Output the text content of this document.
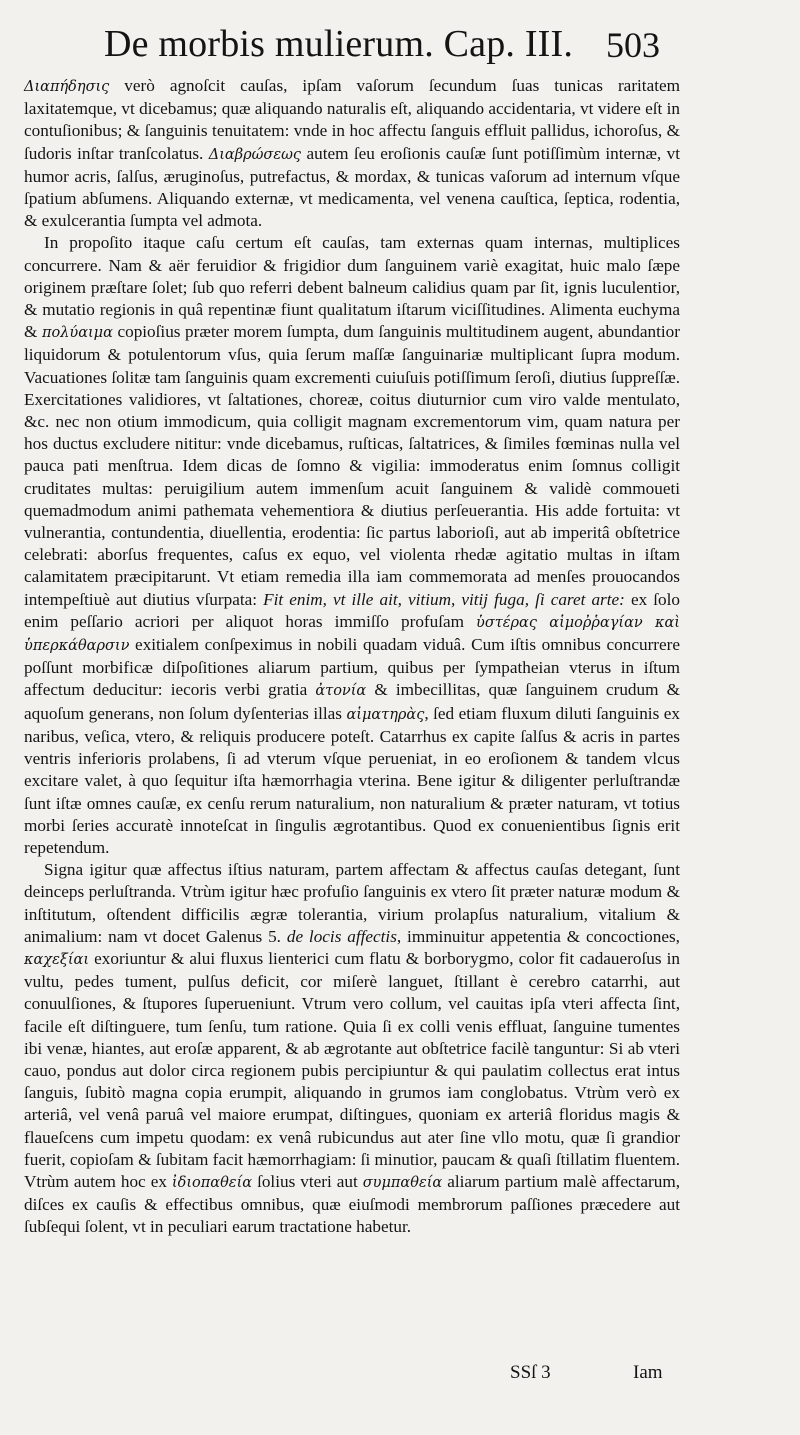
De morbis mulierum. Cap. III. 503

Διαπήδησις verò agnoſcit cauſas, ipſam vaſorum ſecundum ſuas tunicas raritatem laxitatemque, vt dicebamus; quæ aliquando naturalis eſt, aliquando accidentaria, vt videre eſt in contuſionibus; & ſanguinis tenuitatem: vnde in hoc affectu ſanguis effluit pallidus, ichoroſus, & ſudoris inſtar tranſcolatus. Διαβρώσεως autem ſeu eroſionis cauſæ ſunt potiſſimùm internæ, vt humor acris, ſalſus, æruginoſus, putrefactus, & mordax, & tunicas vaſorum ad internum vſque ſpatium abſumens. Aliquando externæ, vt medicamenta, vel venena cauſtica, ſeptica, rodentia, & exulcerantia ſumpta vel admota.

In propoſito itaque caſu certum eſt cauſas, tam externas quam internas, multiplices concurrere. Nam & aër feruidior & frigidior dum ſanguinem variè exagitat, huic malo ſæpe originem præſtare ſolet; ſub quo referri debent balneum calidius quam par ſit, ignis luculentior, & mutatio regionis in quâ repentinæ fiunt qualitatum iſtarum viciſſitudines. Alimenta euchyma & πολύαιμα copioſius præter morem ſumpta, dum ſanguinis multitudinem augent, abundantior liquidorum & potulentorum vſus, quia ſerum maſſæ ſanguinariæ multiplicant ſupra modum. Vacuationes ſolitæ tam ſanguinis quam excrementi cuiuſuis potiſſimum ſeroſi, diutius ſuppreſſæ. Exercitationes validiores, vt ſaltationes, choreæ, coitus diuturnior cum viro valde mentulato, &c. nec non otium immodicum, quia colligit magnam excrementorum vim, quam natura per hos ductus excludere nititur: vnde dicebamus, ruſticas, ſaltatrices, & ſimiles fœminas nulla vel pauca pati menſtrua. Idem dicas de ſomno & vigilia: immoderatus enim ſomnus colligit cruditates multas: peruigilium autem immenſum acuit ſanguinem & validè commoueti quemadmodum animi pathemata vehementiora & diutius perſeuerantia. His adde fortuita: vt vulnerantia, contundentia, diuellentia, erodentia: ſic partus laborioſi, aut ab imperitâ obſtetrice celebrati: aborſus frequentes, caſus ex equo, vel violenta rhedæ agitatio multas in iſtam calamitatem præcipitarunt. Vt etiam remedia illa iam commemorata ad menſes prouocandos intempeſtiuè aut diutius vſurpata: Fit enim, vt ille ait, vitium, vitij fuga, ſi caret arte: ex ſolo enim peſſario acriori per aliquot horas immiſſo profuſam ὑστέρας αἱμοῤῥαγίαν καὶ ὑπερκάθαρσιν exitialem conſpeximus in nobili quadam viduâ. Cum iſtis omnibus concurrere poſſunt morbificæ diſpoſitiones aliarum partium, quibus per ſympatheian vterus in iſtum affectum deducitur: iecoris verbi gratia ἀτονία & imbecillitas, quæ ſanguinem crudum & aquoſum generans, non ſolum dyſenterias illas αἱματηρὰς, ſed etiam fluxum diluti ſanguinis ex naribus, veſica, vtero, & reliquis producere poteſt. Catarrhus ex capite ſalſus & acris in partes ventris inferioris prolabens, ſi ad vterum vſque perueniat, in eo eroſionem & tandem vlcus excitare valet, à quo ſequitur iſta hæmorrhagia vterina. Bene igitur & diligenter perluſtrandæ ſunt iſtæ omnes cauſæ, ex cenſu rerum naturalium, non naturalium & præter naturam, vt totius morbi ſeries accuratè innoteſcat in ſingulis ægrotantibus. Quod ex conuenientibus ſignis erit repetendum.

Signa igitur quæ affectus iſtius naturam, partem affectam & affectus cauſas detegant, ſunt deinceps perluſtranda. Vtrùm igitur hæc profuſio ſanguinis ex vtero ſit præter naturæ modum & inſtitutum, oſtendent difficilis ægræ tolerantia, virium prolapſus naturalium, vitalium & animalium: nam vt docet Galenus 5. de locis affectis, imminuitur appetentia & concoctiones, καχεξίαι exoriuntur & alui fluxus lienterici cum flatu & borborygmo, color fit cadaueroſus in vultu, pedes tument, pulſus deficit, cor miſerè languet, ſtillant è cerebro catarrhi, aut conuulſiones, & ſtupores ſuperueniunt. Vtrum vero collum, vel cauitas ipſa vteri affecta ſint, facile eſt diſtinguere, tum ſenſu, tum ratione. Quia ſi ex colli venis effluat, ſanguine tumentes ibi venæ, hiantes, aut eroſæ apparent, & ab ægrotante aut obſtetrice facilè tanguntur: Si ab vteri cauo, pondus aut dolor circa regionem pubis percipiuntur & qui paulatim collectus erat intus ſanguis, ſubitò magna copia erumpit, aliquando in grumos iam conglobatus. Vtrùm verò ex arteriâ, vel venâ paruâ vel maiore erumpat, diſtingues, quoniam ex arteriâ floridus magis & flaueſcens cum impetu quodam: ex venâ rubicundus aut ater ſine vllo motu, quæ ſi grandior fuerit, copioſam & ſubitam facit hæmorrhagiam: ſi minutior, paucam & quaſi ſtillatim fluentem. Vtrùm autem hoc ex ἰδιοπαθεία ſolius vteri aut συμπαθεία aliarum partium malè affectarum, diſces ex cauſis & effectibus omnibus, quæ eiuſmodi membrorum paſſiones præcedere aut ſubſequi ſolent, vt in peculiari earum tractatione habetur.

SSſ 3	Iam
